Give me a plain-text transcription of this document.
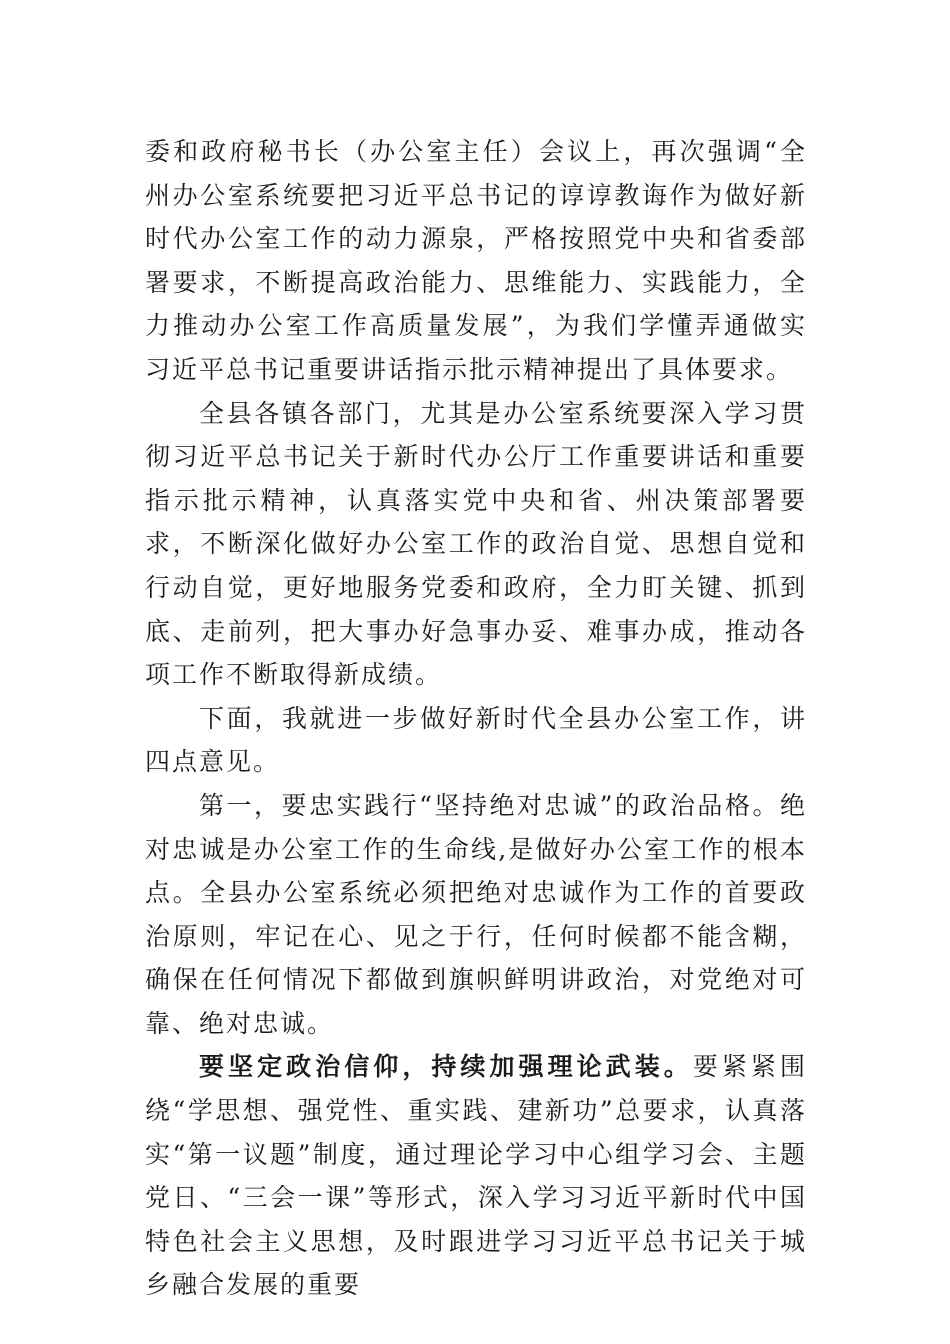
委和政府秘书长（办公室主任）会议上，再次强调“全州办公室系统要把习近平总书记的谆谆教诲作为做好新时代办公室工作的动力源泉，严格按照党中央和省委部署要求，不断提高政治能力、思维能力、实践能力，全力推动办公室工作高质量发展”，为我们学懂弄通做实习近平总书记重要讲话指示批示精神提出了具体要求。

全县各镇各部门，尤其是办公室系统要深入学习贯彻习近平总书记关于新时代办公厅工作重要讲话和重要指示批示精神，认真落实党中央和省、州决策部署要求，不断深化做好办公室工作的政治自觉、思想自觉和行动自觉，更好地服务党委和政府，全力盯关键、抓到底、走前列，把大事办好急事办妥、难事办成，推动各项工作不断取得新成绩。

下面，我就进一步做好新时代全县办公室工作，讲四点意见。

第一，要忠实践行“坚持绝对忠诚”的政治品格。绝对忠诚是办公室工作的生命线,是做好办公室工作的根本点。全县办公室系统必须把绝对忠诚作为工作的首要政治原则，牢记在心、见之于行，任何时候都不能含糊，确保在任何情况下都做到旗帜鲜明讲政治，对党绝对可靠、绝对忠诚。

要坚定政治信仰，持续加强理论武装。要紧紧围绕“学思想、强党性、重实践、建新功”总要求，认真落实“第一议题”制度，通过理论学习中心组学习会、主题党日、“三会一课”等形式，深入学习习近平新时代中国特色社会主义思想，及时跟进学习习近平总书记关于城乡融合发展的重要
